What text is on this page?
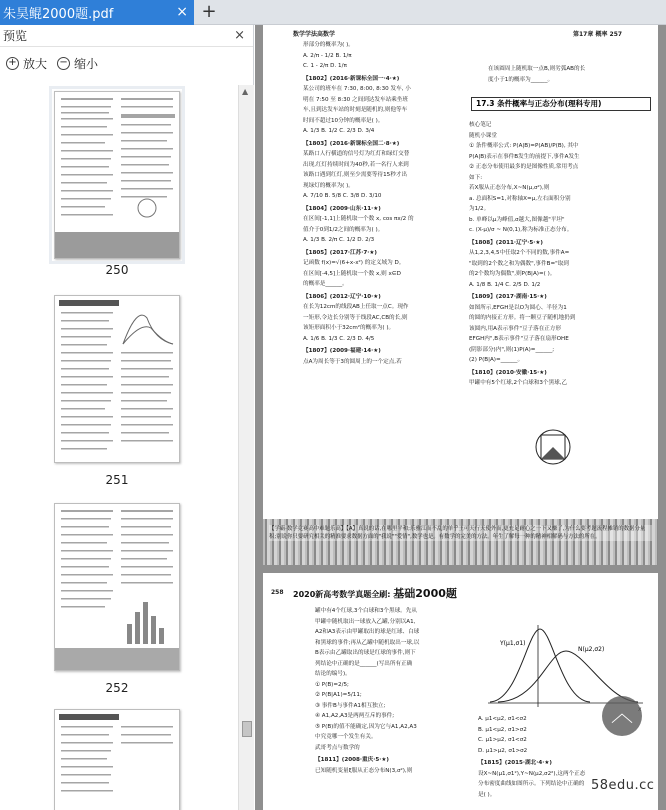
朱昊鲲2000题.pdf	× +
预览	×
+ 放大 − 缩小
250
251
252
▲
数学学法高数学	第17章 概率 257

形部分的概率为( )。

A. 2/π - 1/2 B. 1/π

C. 1 - 2/π D. 1/π

【1802】(2016·新课标全国一·4·★)

某公司的班车在 7:30, 8:00, 8:30 发车, 小

明在 7:50 至 8:30 之间到达发车站乘坐班

车,且到达发车站的时刻是随机的,则他等车

时间不超过10分钟的概率是( )。

A. 1/3 B. 1/2 C. 2/3 D. 3/4

【1803】(2016·新课标全国二·8·★)

某路口人行横道的信号灯为红灯和绿灯交替

出现,红灯持续时间为40秒,若一名行人来到

该路口遇到红灯,则至少需要等待15秒才出

现绿灯的概率为( )。

A. 7/10 B. 5/8 C. 3/8 D. 3/10

【1804】(2009·山东·11·★)

在区间[-1,1]上随机取一个数 x, cos πx/2 的

值介于0到1/2之间的概率为( )。

A. 1/3 B. 2/π C. 1/2 D. 2/3

【1805】(2017·江苏·7·★)

记函数 f(x)=√(6+x-x²) 的定义域为 D。

在区间[-4,5]上随机取一个数 x,则 x∈D

的概率是______。

【1806】(2012·辽宁·10·★)

在长为12cm的线段AB上任取一点C。现作

一矩形,令边长分别等于线段AC,CB的长,则

该矩形面积小于32cm²的概率为( )。

A. 1/6 B. 1/3 C. 2/3 D. 4/5

【1807】(2009·福建·14·★)

点A为周长等于3的圆周上的一个定点,若

在该圆周上随机取一点B,则劣弧AB的长

度小于1的概率为______。

17.3 条件概率与正态分布(理科专用)

核心笔记

随机小课堂

① 条件概率公式: P(A|B)=P(AB)/P(B), 其中

P(A|B)表示在事件B发生的前提下,事件A发生

② 正态分布使用最多的是图像性质,常用考点

如下:

若X服从正态分布,X~N(μ,σ²),则

a. 总面积S=1,对称轴X=μ,左右面积分别

为1/2。

b. 单峰以μ为峰值,σ越大,图像越"平坦"

c. (X-μ)/σ ~ N(0,1),称为标准正态分布。

【1808】(2011·辽宁·5·★)

从1,2,3,4,5中任取2个不同的数,事件A=

"取到的2个数之和为偶数",事件B="取到

的2个数均为偶数",则P(B|A)=( )。

A. 1/8 B. 1/4 C. 2/5 D. 1/2

【1809】(2017·湖南·15·★)

如图所示,EFGH是以O为圆心、半径为1

的圆的内接正方形。将一颗豆子随机地扔到

该圆内,用A表示事件"豆子落在正方形

EFGH内",B表示事件"豆子落在扇形OHE

(阴影部分)内",则(1)P(A)=______;

(2) P(B|A)=______。

【1810】(2010·安徽·15·★)

甲罐中有5个红球,2个白球和3个黑球,乙

【学霸·数学竞赛高中难题乐高】【A】真说的话,在哪里平和;乐雅江而不乱的单乎王可天行天使外而,更充足耐心之一下又赚了,为什么要考题流程摊销的数据分量积;别说你只要研究相关的精准要求数据方面的"我说""爱情",数学也是。有数学的完美的方法。年生了解每一种的精神相解码与方法的所在。
258 2020新高考数学真题全刷: 基础2000题

罐中有4个红球,3个白球和3个黑球。先从

甲罐中随机取出一球放入乙罐,分别以A1,

A2和A3表示由甲罐取出的球是红球、白球

和黑球的事件;再从乙罐中随机取出一球,以

B表示由乙罐取出的球是红球的事件,则下

列结论中正确的是______(写出所有正确

结论的编号)。

① P(B)=2/5;

② P(B|A1)=5/11;

③ 事件B与事件A1相互独立;

④ A1,A2,A3是两两互斥的事件;

⑤ P(B)的值不能确定,因为它与A1,A2,A3

中究竟哪一个发生有关。

武哥考点与数学的

【1811】(2008·重庆·5·★)

已知随机变量ξ服从正态分布N(3,σ²),则

Y(μ1,σ1)
N(μ2,σ2)

A. μ1<μ2, σ1<σ2

B. μ1<μ2, σ1>σ2

C. μ1>μ2, σ1<σ2

D. μ1>μ2, σ1>σ2

【1815】(2015·湖北·4·★)

设X~N(μ1,σ1²),Y~N(μ2,σ2²),这两个正态

分布密度曲线如图所示。下列结论中正确的

是( )。

︿
58edu.cc
